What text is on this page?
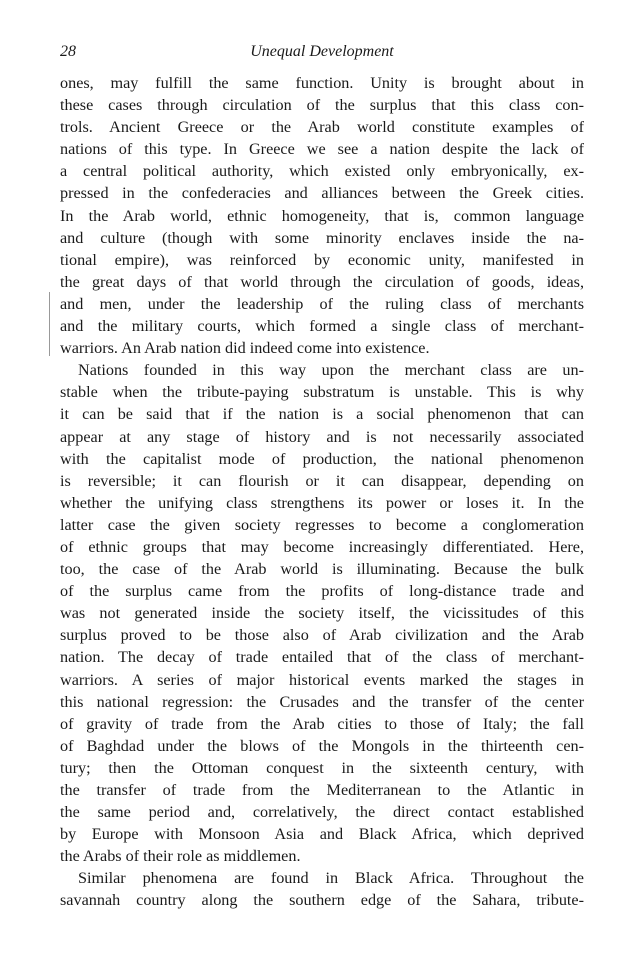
28	Unequal Development
ones, may fulfill the same function. Unity is brought about in
these cases through circulation of the surplus that this class con-
trols. Ancient Greece or the Arab world constitute examples of
nations of this type. In Greece we see a nation despite the lack of
a central political authority, which existed only embryonically, ex-
pressed in the confederacies and alliances between the Greek cities.
In the Arab world, ethnic homogeneity, that is, common language
and culture (though with some minority enclaves inside the na-
tional empire), was reinforced by economic unity, manifested in
the great days of that world through the circulation of goods, ideas,
and men, under the leadership of the ruling class of merchants
and the military courts, which formed a single class of merchant-
warriors. An Arab nation did indeed come into existence.
Nations founded in this way upon the merchant class are un-
stable when the tribute-paying substratum is unstable. This is why
it can be said that if the nation is a social phenomenon that can
appear at any stage of history and is not necessarily associated
with the capitalist mode of production, the national phenomenon
is reversible; it can flourish or it can disappear, depending on
whether the unifying class strengthens its power or loses it. In the
latter case the given society regresses to become a conglomeration
of ethnic groups that may become increasingly differentiated. Here,
too, the case of the Arab world is illuminating. Because the bulk
of the surplus came from the profits of long-distance trade and
was not generated inside the society itself, the vicissitudes of this
surplus proved to be those also of Arab civilization and the Arab
nation. The decay of trade entailed that of the class of merchant-
warriors. A series of major historical events marked the stages in
this national regression: the Crusades and the transfer of the center
of gravity of trade from the Arab cities to those of Italy; the fall
of Baghdad under the blows of the Mongols in the thirteenth cen-
tury; then the Ottoman conquest in the sixteenth century, with
the transfer of trade from the Mediterranean to the Atlantic in
the same period and, correlatively, the direct contact established
by Europe with Monsoon Asia and Black Africa, which deprived
the Arabs of their role as middlemen.
Similar phenomena are found in Black Africa. Throughout the
savannah country along the southern edge of the Sahara, tribute-
